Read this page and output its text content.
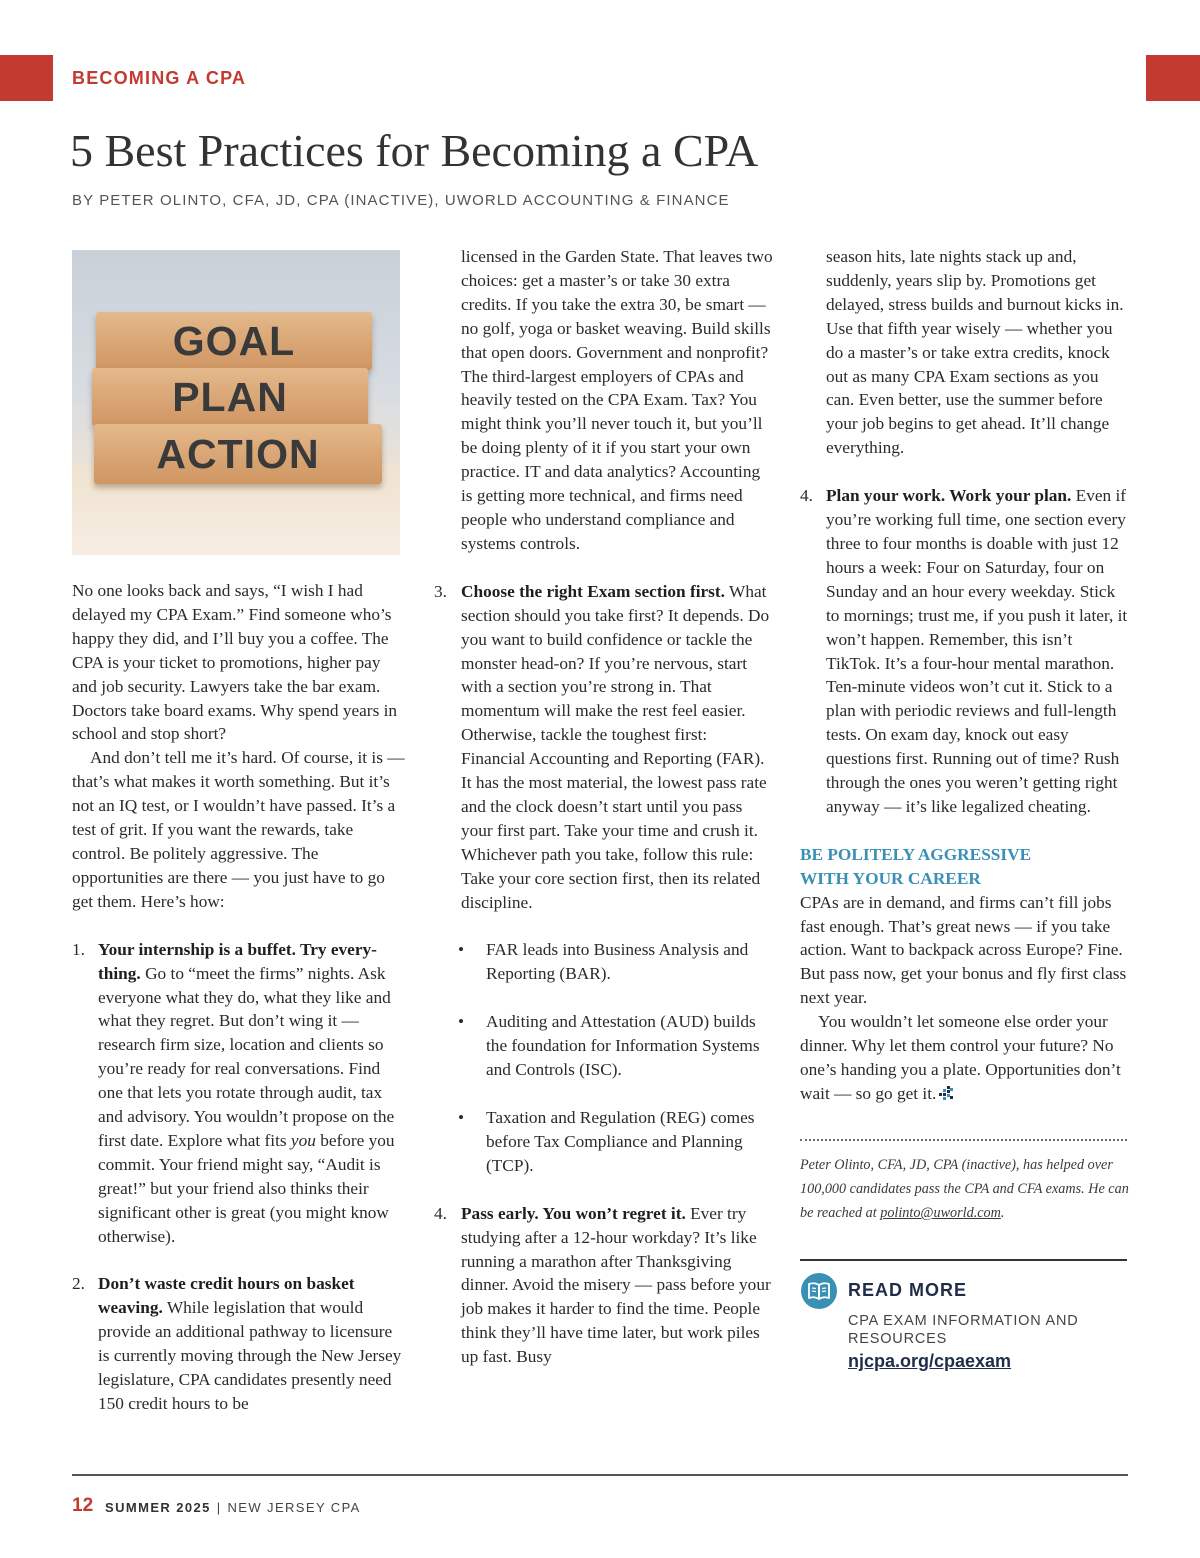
BECOMING A CPA
5 Best Practices for Becoming a CPA
BY PETER OLINTO, CFA, JD, CPA (INACTIVE), UWORLD ACCOUNTING & FINANCE
GOAL
PLAN
ACTION

No one looks back and says, “I wish I had delayed my CPA Exam.” Find someone who’s happy they did, and I’ll buy you a coffee. The CPA is your ticket to promotions, higher pay and job security. Lawyers take the bar exam. Doctors take board exams. Why spend years in school and stop short?

And don’t tell me it’s hard. Of course, it is — that’s what makes it worth something. But it’s not an IQ test, or I wouldn’t have passed. It’s a test of grit. If you want the rewards, take control. Be politely aggressive. The opportunities are there — you just have to go get them. Here’s how:

1. Your internship is a buffet. Try everything. Go to “meet the firms” nights. Ask everyone what they do, what they like and what they regret. But don’t wing it — research firm size, location and clients so you’re ready for real conversations. Find one that lets you rotate through audit, tax and advisory. You wouldn’t propose on the first date. Explore what fits you before you commit. Your friend might say, “Audit is great!” but your friend also thinks their significant other is great (you might know otherwise).
2. Don’t waste credit hours on basket weaving. While legislation that would provide an additional pathway to licensure is currently moving through the New Jersey legislature, CPA candidates presently need 150 credit hours to be

licensed in the Garden State. That leaves two choices: get a master’s or take 30 extra credits. If you take the extra 30, be smart — no golf, yoga or basket weaving. Build skills that open doors. Government and nonprofit? The third-largest employers of CPAs and heavily tested on the CPA Exam. Tax? You might think you’ll never touch it, but you’ll be doing plenty of it if you start your own practice. IT and data analytics? Accounting is getting more technical, and firms need people who understand compliance and systems controls.

3. Choose the right Exam section first. What section should you take first? It depends. Do you want to build confidence or tackle the monster head-on? If you’re nervous, start with a section you’re strong in. That momentum will make the rest feel easier. Otherwise, tackle the toughest first: Financial Accounting and Reporting (FAR). It has the most material, the lowest pass rate and the clock doesn’t start until you pass your first part. Take your time and crush it. Whichever path you take, follow this rule: Take your core section first, then its related discipline.
• FAR leads into Business Analysis and Reporting (BAR).
• Auditing and Attestation (AUD) builds the foundation for Information Systems and Controls (ISC).
• Taxation and Regulation (REG) comes before Tax Compliance and Planning (TCP).
4. Pass early. You won’t regret it. Ever try studying after a 12-hour workday? It’s like running a marathon after Thanksgiving dinner. Avoid the misery — pass before your job makes it harder to find the time. People think they’ll have time later, but work piles up fast. Busy

season hits, late nights stack up and, suddenly, years slip by. Promotions get delayed, stress builds and burnout kicks in. Use that fifth year wisely — whether you do a master’s or take extra credits, knock out as many CPA Exam sections as you can. Even better, use the summer before your job begins to get ahead. It’ll change everything.

4. Plan your work. Work your plan. Even if you’re working full time, one section every three to four months is doable with just 12 hours a week: Four on Saturday, four on Sunday and an hour every weekday. Stick to mornings; trust me, if you push it later, it won’t happen. Remember, this isn’t TikTok. It’s a four-hour mental marathon. Ten-minute videos won’t cut it. Stick to a plan with periodic reviews and full-length tests. On exam day, knock out easy questions first. Running out of time? Rush through the ones you weren’t getting right anyway — it’s like legalized cheating.
BE POLITELY AGGRESSIVE
WITH YOUR CAREER

CPAs are in demand, and firms can’t fill jobs fast enough. That’s great news — if you take action. Want to backpack across Europe? Fine. But pass now, get your bonus and fly first class next year.

You wouldn’t let someone else order your dinner. Why let them control your future? No one’s handing you a plate. Opportunities don’t wait — so go get it.

Peter Olinto, CFA, JD, CPA (inactive), has helped over 100,000 candidates pass the CPA and CFA exams. He can be reached at polinto@uworld.com.
READ MORE
CPA EXAM INFORMATION AND RESOURCES
njcpa.org/cpaexam
12 SUMMER 2025 | NEW JERSEY CPA
